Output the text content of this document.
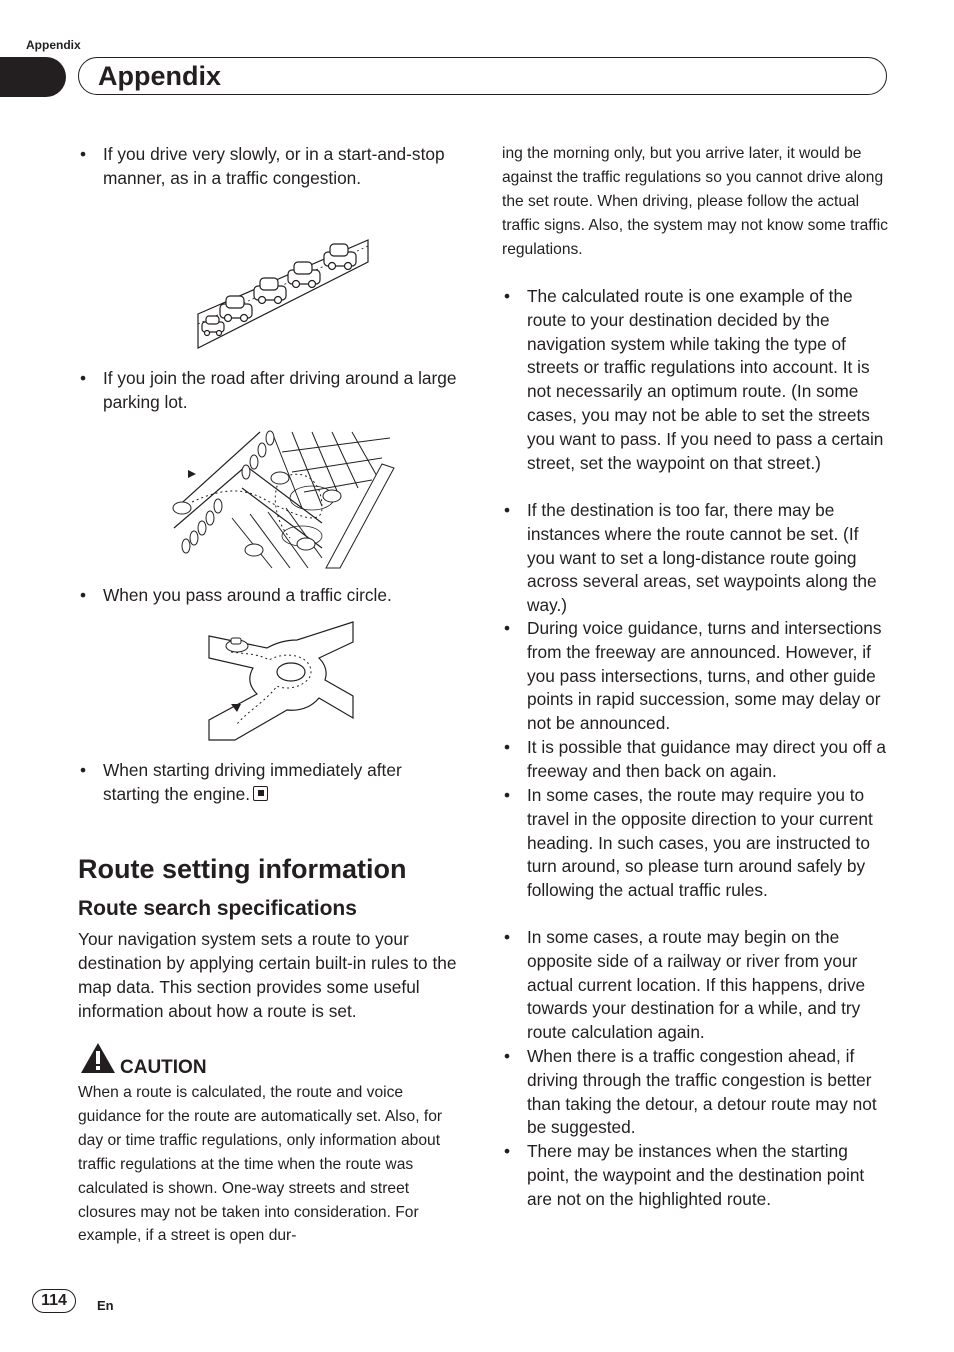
Appendix
Appendix
• If you drive very slowly, or in a start-and-stop manner, as in a traffic congestion.
• If you join the road after driving around a large parking lot.
• When you pass around a traffic circle.
• When starting driving immediately after starting the engine.
Route setting information
Route search specifications
Your navigation system sets a route to your destination by applying certain built-in rules to the map data. This section provides some useful information about how a route is set.
CAUTION
When a route is calculated, the route and voice guidance for the route are automatically set. Also, for day or time traffic regulations, only information about traffic regulations at the time when the route was calculated is shown. One-way streets and street closures may not be taken into consideration. For example, if a street is open dur-
ing the morning only, but you arrive later, it would be against the traffic regulations so you cannot drive along the set route. When driving, please follow the actual traffic signs. Also, the system may not know some traffic regulations.
• The calculated route is one example of the route to your destination decided by the navigation system while taking the type of streets or traffic regulations into account. It is not necessarily an optimum route. (In some cases, you may not be able to set the streets you want to pass. If you need to pass a certain street, set the waypoint on that street.)
• If the destination is too far, there may be instances where the route cannot be set. (If you want to set a long-distance route going across several areas, set waypoints along the way.)
• During voice guidance, turns and intersections from the freeway are announced. However, if you pass intersections, turns, and other guide points in rapid succession, some may delay or not be announced.
• It is possible that guidance may direct you off a freeway and then back on again.
• In some cases, the route may require you to travel in the opposite direction to your current heading. In such cases, you are instructed to turn around, so please turn around safely by following the actual traffic rules.
• In some cases, a route may begin on the opposite side of a railway or river from your actual current location. If this happens, drive towards your destination for a while, and try route calculation again.
• When there is a traffic congestion ahead, if driving through the traffic congestion is better than taking the detour, a detour route may not be suggested.
• There may be instances when the starting point, the waypoint and the destination point are not on the highlighted route.
114	En
